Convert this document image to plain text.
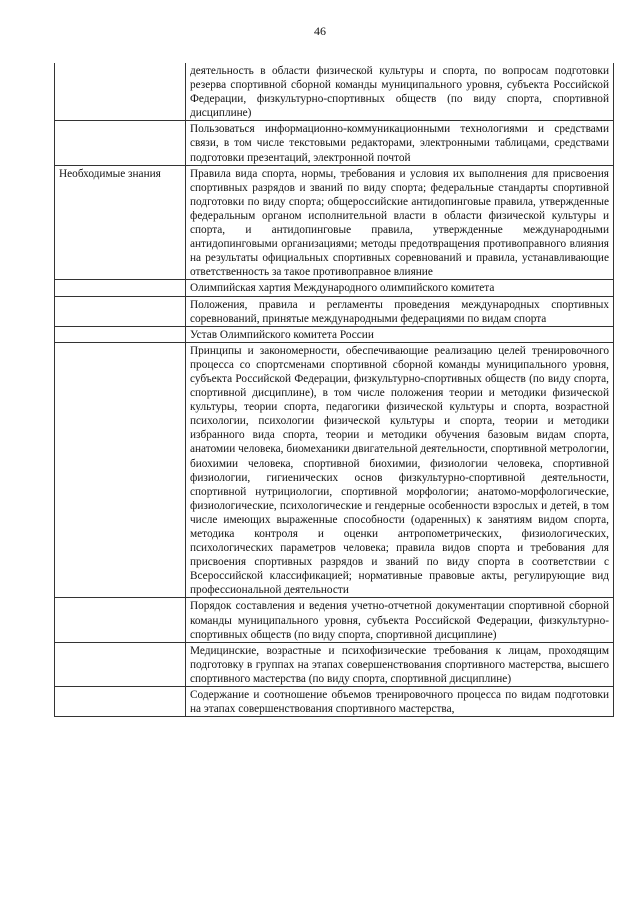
46
	деятельность в области физической культуры и спорта, по вопросам подготовки резерва спортивной сборной команды муниципального уровня, субъекта Российской Федерации, физкультурно-спортивных обществ (по виду спорта, спортивной дисциплине)
	Пользоваться информационно-коммуникационными технологиями и средствами связи, в том числе текстовыми редакторами, электронными таблицами, средствами подготовки презентаций, электронной почтой
Необходимые знания	Правила вида спорта, нормы, требования и условия их выполнения для присвоения спортивных разрядов и званий по виду спорта; федеральные стандарты спортивной подготовки по виду спорта; общероссийские антидопинговые правила, утвержденные федеральным органом исполнительной власти в области физической культуры и спорта, и антидопинговые правила, утвержденные международными антидопинговыми организациями; методы предотвращения противоправного влияния на результаты официальных спортивных соревнований и правила, устанавливающие ответственность за такое противоправное влияние
	Олимпийская хартия Международного олимпийского комитета
	Положения, правила и регламенты проведения международных спортивных соревнований, принятые международными федерациями по видам спорта
	Устав Олимпийского комитета России
	Принципы и закономерности, обеспечивающие реализацию целей тренировочного процесса со спортсменами спортивной сборной команды муниципального уровня, субъекта Российской Федерации, физкультурно-спортивных обществ (по виду спорта, спортивной дисциплине), в том числе положения теории и методики физической культуры, теории спорта, педагогики физической культуры и спорта, возрастной психологии, психологии физической культуры и спорта, теории и методики избранного вида спорта, теории и методики обучения базовым видам спорта, анатомии человека, биомеханики двигательной деятельности, спортивной метрологии, биохимии человека, спортивной биохимии, физиологии человека, спортивной физиологии, гигиенических основ физкультурно-спортивной деятельности, спортивной нутрициологии, спортивной морфологии; анатомо-морфологические, физиологические, психологические и гендерные особенности взрослых и детей, в том числе имеющих выраженные способности (одаренных) к занятиям видом спорта, методика контроля и оценки антропометрических, физиологических, психологических параметров человека; правила видов спорта и требования для присвоения спортивных разрядов и званий по виду спорта в соответствии с Всероссийской классификацией; нормативные правовые акты, регулирующие вид профессиональной деятельности
	Порядок составления и ведения учетно-отчетной документации спортивной сборной команды муниципального уровня, субъекта Российской Федерации, физкультурно-спортивных обществ (по виду спорта, спортивной дисциплине)
	Медицинские, возрастные и психофизические требования к лицам, проходящим подготовку в группах на этапах совершенствования спортивного мастерства, высшего спортивного мастерства (по виду спорта, спортивной дисциплине)
	Содержание и соотношение объемов тренировочного процесса по видам подготовки на этапах совершенствования спортивного мастерства,
